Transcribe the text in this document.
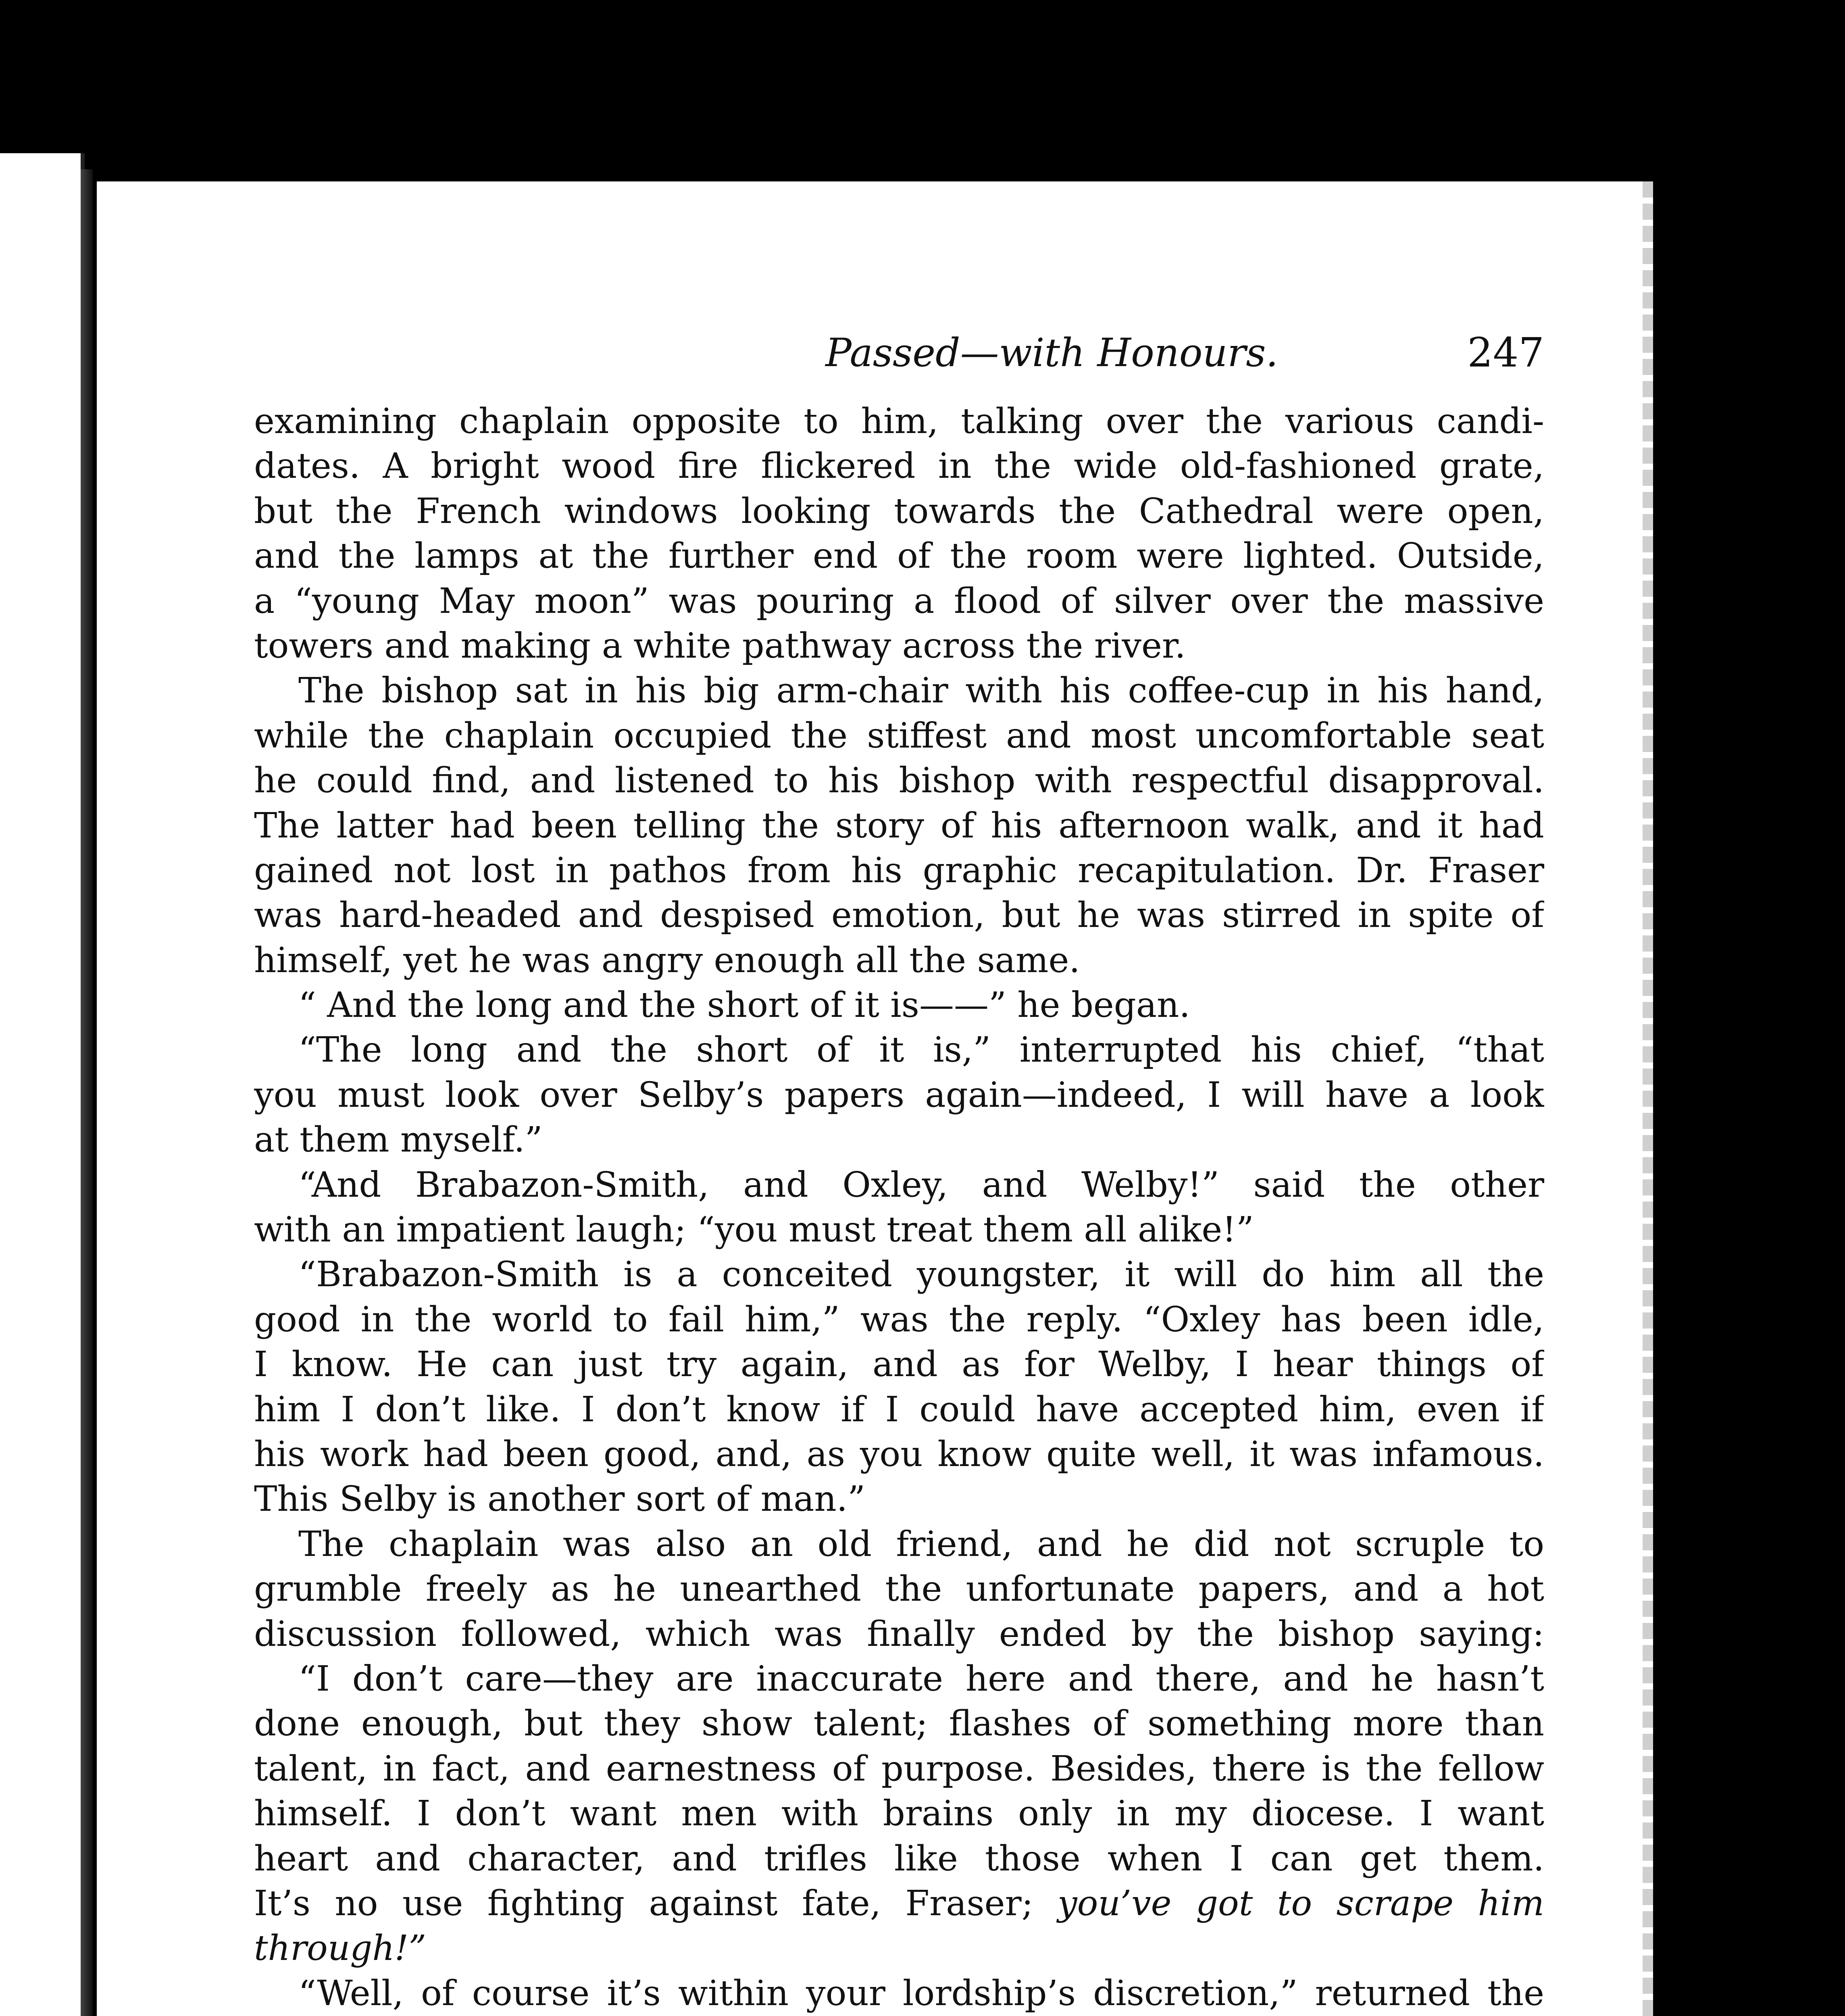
Passed—with Honours.	247
examining chaplain opposite to him, talking over the various candi-
dates. A bright wood fire flickered in the wide old-fashioned grate,
but the French windows looking towards the Cathedral were open,
and the lamps at the further end of the room were lighted. Outside,
a “young May moon” was pouring a flood of silver over the massive
towers and making a white pathway across the river.
The bishop sat in his big arm-chair with his coffee-cup in his hand,
while the chaplain occupied the stiffest and most uncomfortable seat
he could find, and listened to his bishop with respectful disapproval.
The latter had been telling the story of his afternoon walk, and it had
gained not lost in pathos from his graphic recapitulation. Dr. Fraser
was hard-headed and despised emotion, but he was stirred in spite of
himself, yet he was angry enough all the same.
“ And the long and the short of it is——” he began.
“The long and the short of it is,” interrupted his chief, “that
you must look over Selby’s papers again—indeed, I will have a look
at them myself.”
“And Brabazon-Smith, and Oxley, and Welby!” said the other
with an impatient laugh; “you must treat them all alike!”
“Brabazon-Smith is a conceited youngster, it will do him all the
good in the world to fail him,” was the reply. “Oxley has been idle,
I know. He can just try again, and as for Welby, I hear things of
him I don’t like. I don’t know if I could have accepted him, even if
his work had been good, and, as you know quite well, it was infamous.
This Selby is another sort of man.”
The chaplain was also an old friend, and he did not scruple to
grumble freely as he unearthed the unfortunate papers, and a hot
discussion followed, which was finally ended by the bishop saying:
“I don’t care—they are inaccurate here and there, and he hasn’t
done enough, but they show talent; flashes of something more than
talent, in fact, and earnestness of purpose. Besides, there is the fellow
himself. I don’t want men with brains only in my diocese. I want
heart and character, and trifles like those when I can get them.
It’s no use fighting against fate, Fraser; you’ve got to scrape him
through!”
“Well, of course it’s within your lordship’s discretion,” returned the
